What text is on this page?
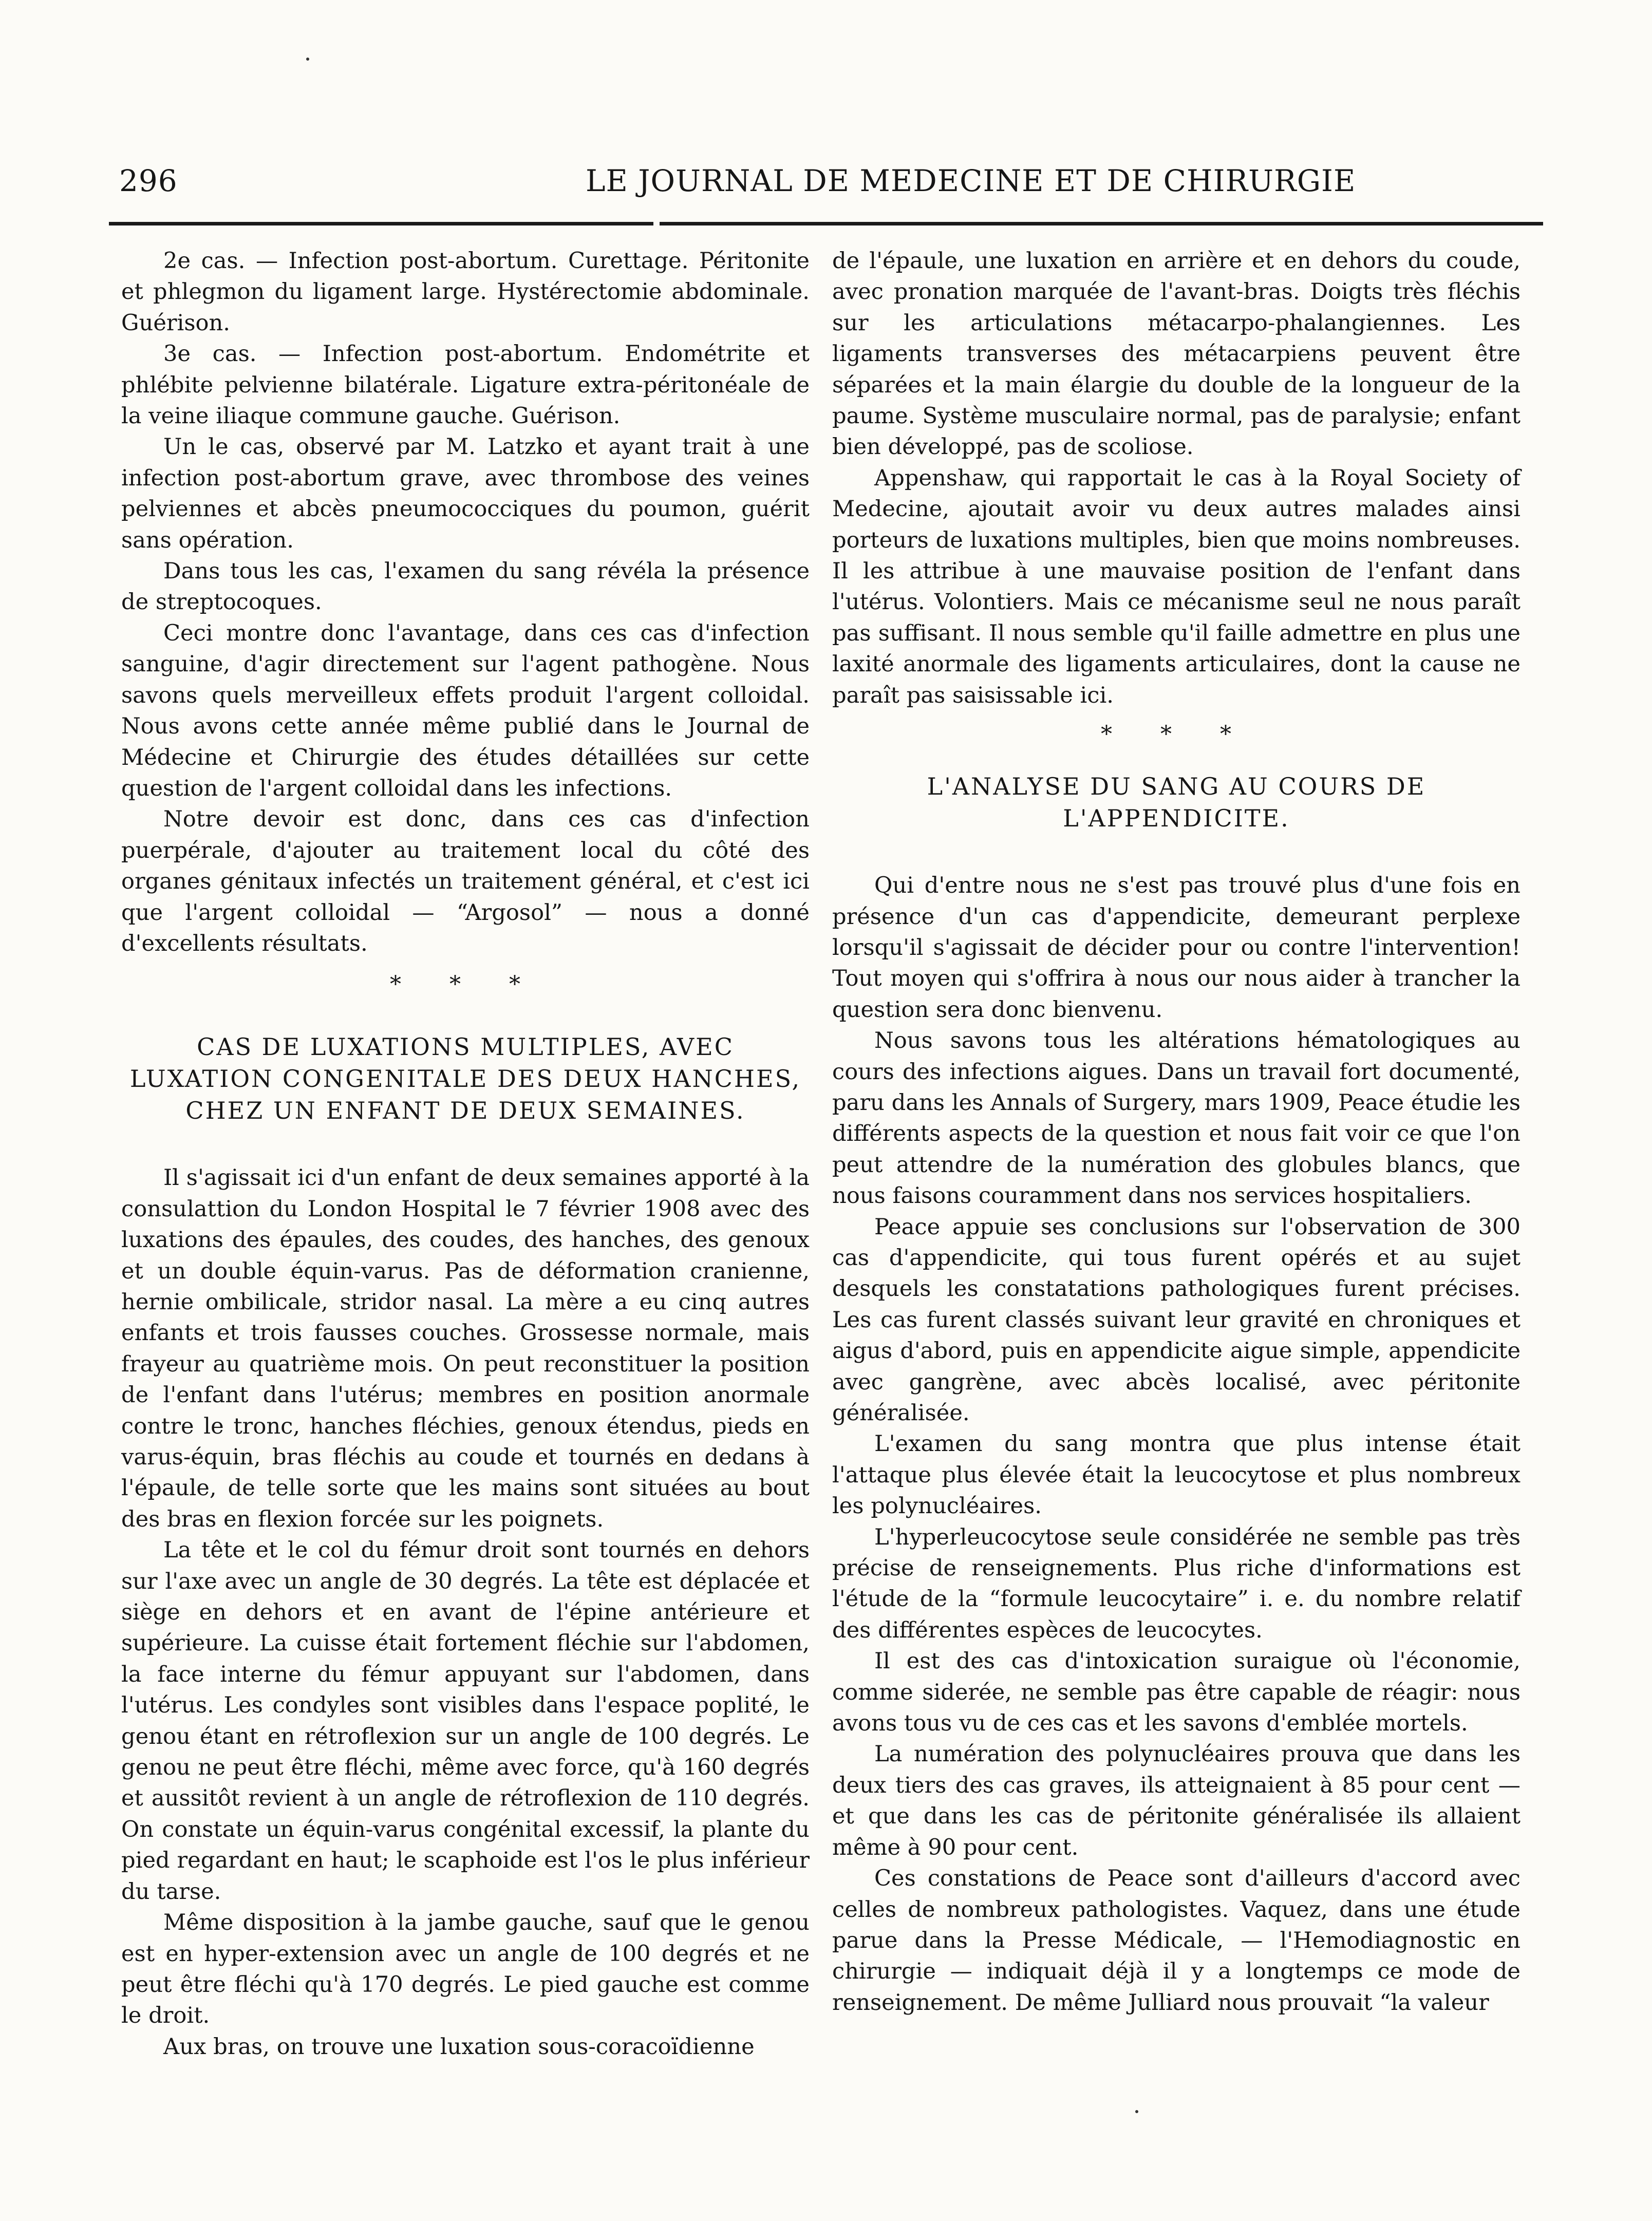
296	LE JOURNAL DE MEDECINE ET DE CHIRURGIE

2e cas. — Infection post-abortum. Curettage. Péritonite et phlegmon du ligament large. Hystérectomie abdominale. Guérison.

3e cas. — Infection post-abortum. Endométrite et phlébite pelvienne bilatérale. Ligature extra-péritonéale de la veine iliaque commune gauche. Guérison.

Un le cas, observé par M. Latzko et ayant trait à une infection post-abortum grave, avec thrombose des veines pelviennes et abcès pneumococciques du poumon, guérit sans opération.

Dans tous les cas, l'examen du sang révéla la présence de streptocoques.

Ceci montre donc l'avantage, dans ces cas d'infection sanguine, d'agir directement sur l'agent pathogène. Nous savons quels merveilleux effets produit l'argent colloidal. Nous avons cette année même publié dans le Journal de Médecine et Chirurgie des études détaillées sur cette question de l'argent colloidal dans les infections.

Notre devoir est donc, dans ces cas d'infection puerpérale, d'ajouter au traitement local du côté des organes génitaux infectés un traitement général, et c'est ici que l'argent colloidal — “Argosol” — nous a donné d'excellents résultats.

* * *
CAS DE LUXATIONS MULTIPLES, AVEC LUXATION CONGENITALE DES DEUX HANCHES, CHEZ UN ENFANT DE DEUX SEMAINES.

Il s'agissait ici d'un enfant de deux semaines apporté à la consulattion du London Hospital le 7 février 1908 avec des luxations des épaules, des coudes, des hanches, des genoux et un double équin-varus. Pas de déformation cranienne, hernie ombilicale, stridor nasal. La mère a eu cinq autres enfants et trois fausses couches. Grossesse normale, mais frayeur au quatrième mois. On peut reconstituer la position de l'enfant dans l'utérus; membres en position anormale contre le tronc, hanches fléchies, genoux étendus, pieds en varus-équin, bras fléchis au coude et tournés en dedans à l'épaule, de telle sorte que les mains sont situées au bout des bras en flexion forcée sur les poignets.

La tête et le col du fémur droit sont tournés en dehors sur l'axe avec un angle de 30 degrés. La tête est déplacée et siège en dehors et en avant de l'épine antérieure et supérieure. La cuisse était fortement fléchie sur l'abdomen, la face interne du fémur appuyant sur l'abdomen, dans l'utérus. Les condyles sont visibles dans l'espace poplité, le genou étant en rétroflexion sur un angle de 100 degrés. Le genou ne peut être fléchi, même avec force, qu'à 160 degrés et aussitôt revient à un angle de rétroflexion de 110 degrés. On constate un équin-varus congénital excessif, la plante du pied regardant en haut; le scaphoide est l'os le plus inférieur du tarse.

Même disposition à la jambe gauche, sauf que le genou est en hyper-extension avec un angle de 100 degrés et ne peut être fléchi qu'à 170 degrés. Le pied gauche est comme le droit.

Aux bras, on trouve une luxation sous-coracoïdienne

de l'épaule, une luxation en arrière et en dehors du coude, avec pronation marquée de l'avant-bras. Doigts très fléchis sur les articulations métacarpo-phalangiennes. Les ligaments transverses des métacarpiens peuvent être séparées et la main élargie du double de la longueur de la paume. Système musculaire normal, pas de paralysie; enfant bien développé, pas de scoliose.

Appenshaw, qui rapportait le cas à la Royal Society of Medecine, ajoutait avoir vu deux autres malades ainsi porteurs de luxations multiples, bien que moins nombreuses. Il les attribue à une mauvaise position de l'enfant dans l'utérus. Volontiers. Mais ce mécanisme seul ne nous paraît pas suffisant. Il nous semble qu'il faille admettre en plus une laxité anormale des ligaments articulaires, dont la cause ne paraît pas saisissable ici.

* * *
L'ANALYSE DU SANG AU COURS DE L'APPENDICITE.

Qui d'entre nous ne s'est pas trouvé plus d'une fois en présence d'un cas d'appendicite, demeurant perplexe lorsqu'il s'agissait de décider pour ou contre l'intervention! Tout moyen qui s'offrira à nous our nous aider à trancher la question sera donc bienvenu.

Nous savons tous les altérations hématologiques au cours des infections aigues. Dans un travail fort documenté, paru dans les Annals of Surgery, mars 1909, Peace étudie les différents aspects de la question et nous fait voir ce que l'on peut attendre de la numération des globules blancs, que nous faisons couramment dans nos services hospitaliers.

Peace appuie ses conclusions sur l'observation de 300 cas d'appendicite, qui tous furent opérés et au sujet desquels les constatations pathologiques furent précises. Les cas furent classés suivant leur gravité en chroniques et aigus d'abord, puis en appendicite aigue simple, appendicite avec gangrène, avec abcès localisé, avec péritonite généralisée.

L'examen du sang montra que plus intense était l'attaque plus élevée était la leucocytose et plus nombreux les polynucléaires.

L'hyperleucocytose seule considérée ne semble pas très précise de renseignements. Plus riche d'informations est l'étude de la “formule leucocytaire” i. e. du nombre relatif des différentes espèces de leucocytes.

Il est des cas d'intoxication suraigue où l'économie, comme siderée, ne semble pas être capable de réagir: nous avons tous vu de ces cas et les savons d'emblée mortels.

La numération des polynucléaires prouva que dans les deux tiers des cas graves, ils atteignaient à 85 pour cent — et que dans les cas de péritonite généralisée ils allaient même à 90 pour cent.

Ces constations de Peace sont d'ailleurs d'accord avec celles de nombreux pathologistes. Vaquez, dans une étude parue dans la Presse Médicale, — l'Hemodiagnostic en chirurgie — indiquait déjà il y a longtemps ce mode de renseignement. De même Julliard nous prouvait “la valeur
